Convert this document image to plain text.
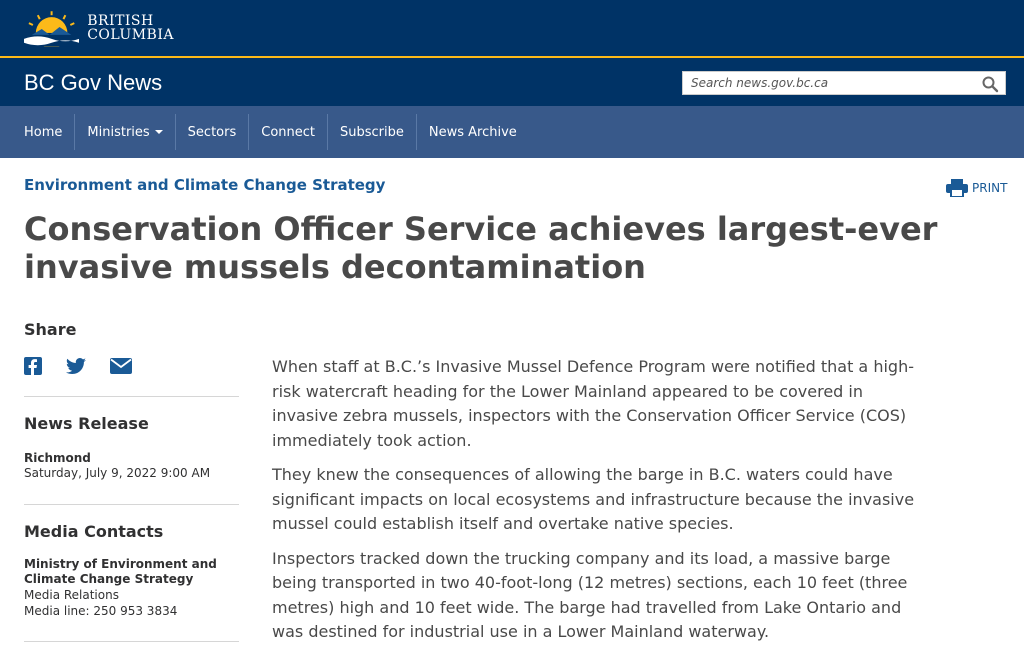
BRITISH
COLUMBIA
BC Gov News
Search news.gov.bc.ca
Home Ministries	Sectors Connect Subscribe News Archive
Environment and Climate Change Strategy	PRINT
Conservation Officer Service achieves largest-ever invasive mussels decontamination
Share
News Release
Richmond
Saturday, July 9, 2022 9:00 AM
Media Contacts
Ministry of Environment and Climate Change Strategy
Media Relations
Media line: 250 953 3834

When staff at B.C.’s Invasive Mussel Defence Program were notified that a high-risk watercraft heading for the Lower Mainland appeared to be covered in invasive zebra mussels, inspectors with the Conservation Officer Service (COS) immediately took action.

They knew the consequences of allowing the barge in B.C. waters could have significant impacts on local ecosystems and infrastructure because the invasive mussel could establish itself and overtake native species.

Inspectors tracked down the trucking company and its load, a massive barge being transported in two 40-foot-long (12 metres) sections, each 10 feet (three metres) high and 10 feet wide. The barge had travelled from Lake Ontario and was destined for industrial use in a Lower Mainland waterway.
